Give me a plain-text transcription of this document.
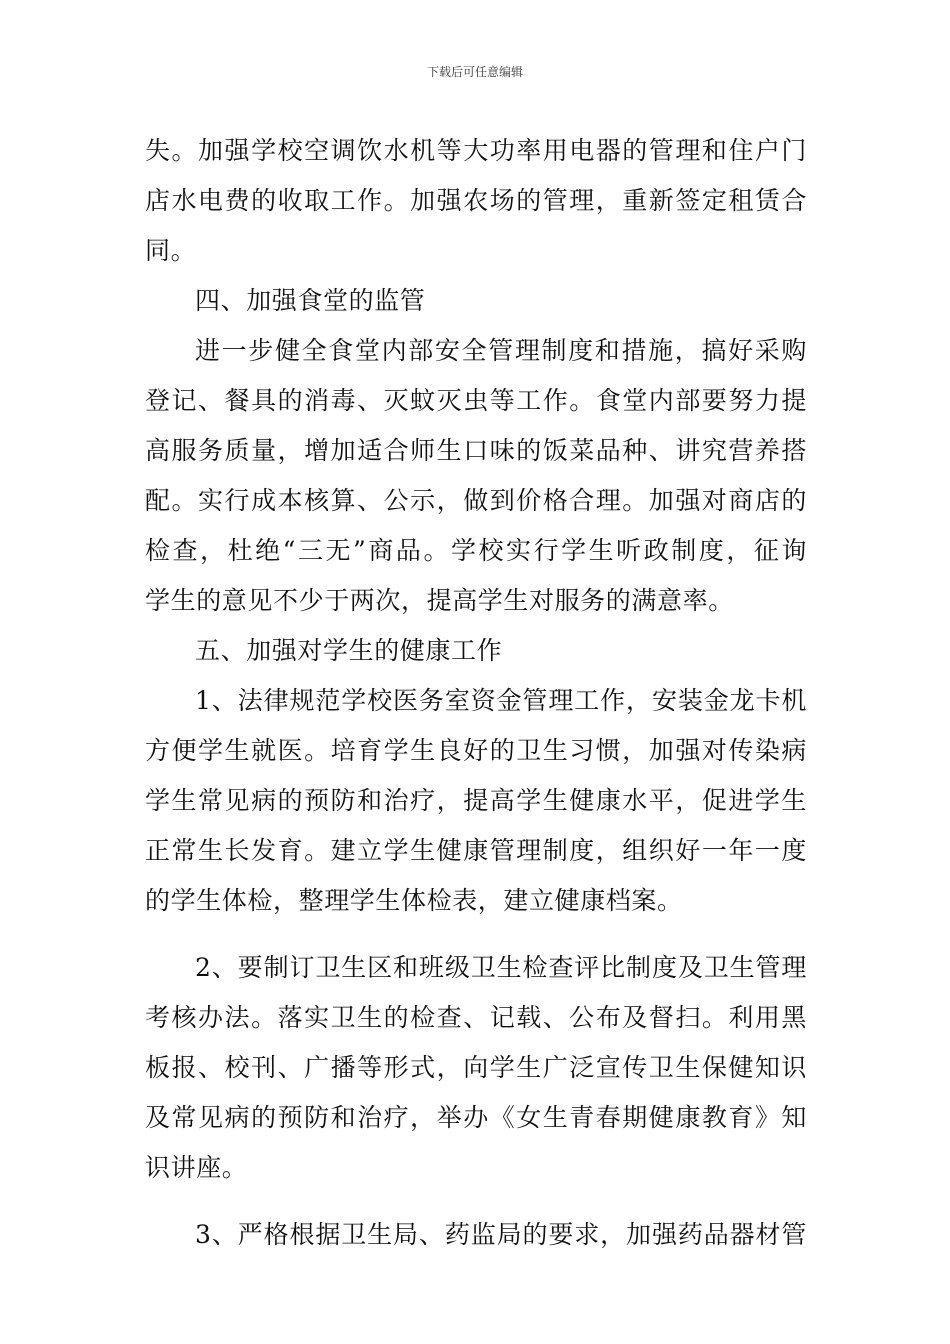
下载后可任意编辑
失。加强学校空调饮水机等大功率用电器的管理和住户门
店水电费的收取工作。加强农场的管理，重新签定租赁合
同。
四、加强食堂的监管
进一步健全食堂内部安全管理制度和措施，搞好采购
登记、餐具的消毒、灭蚊灭虫等工作。食堂内部要努力提
高服务质量，增加适合师生口味的饭菜品种、讲究营养搭
配。实行成本核算、公示，做到价格合理。加强对商店的
检查，杜绝“三无”商品。学校实行学生听政制度，征询
学生的意见不少于两次，提高学生对服务的满意率。
五、加强对学生的健康工作
1、法律规范学校医务室资金管理工作，安装金龙卡机
方便学生就医。培育学生良好的卫生习惯，加强对传染病
学生常见病的预防和治疗，提高学生健康水平，促进学生
正常生长发育。建立学生健康管理制度，组织好一年一度
的学生体检，整理学生体检表，建立健康档案。
2、要制订卫生区和班级卫生检查评比制度及卫生管理
考核办法。落实卫生的检查、记载、公布及督扫。利用黑
板报、校刊、广播等形式，向学生广泛宣传卫生保健知识
及常见病的预防和治疗，举办《女生青春期健康教育》知
识讲座。
3、严格根据卫生局、药监局的要求，加强药品器材管
